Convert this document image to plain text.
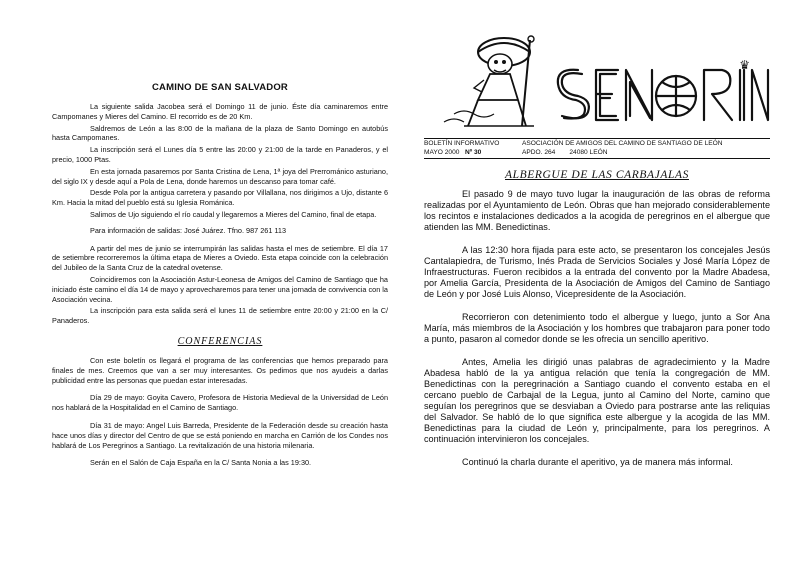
CAMINO DE SAN SALVADOR

La siguiente salida Jacobea será el Domingo 11 de junio. Éste día caminaremos entre Campomanes y Mieres del Camino. El recorrido es de 20 Km.

Saldremos de León a las 8:00 de la mañana de la plaza de Santo Domingo en autobús hasta Campomanes.

La inscripción será el Lunes día 5 entre las 20:00 y 21:00 de la tarde en Panaderos, y el precio, 1000 Ptas.

En esta jornada pasaremos por Santa Cristina de Lena, 1ª joya del Prerrománico asturiano, del siglo IX y desde aquí a Pola de Lena, donde haremos un descanso para tomar café.

Desde Pola por la antigua carretera y pasando por Villallana, nos dirigimos a Ujo, distante 6 Km. Hacia la mitad del pueblo está su Iglesia Románica.

Salimos de Ujo siguiendo el río caudal y llegaremos a Mieres del Camino, final de etapa.

Para información de salidas: José Juárez. Tfno. 987 261 113

A partir del mes de junio se interrumpirán las salidas hasta el mes de setiembre. El día 17 de setiembre recorreremos la última etapa de Mieres a Oviedo. Esta etapa coincide con la celebración del Jubileo de la Santa Cruz de la catedral ovetense.

Coincidiremos con la Asociación Astur-Leonesa de Amigos del Camino de Santiago que ha iniciado éste camino el día 14 de mayo y aprovecharemos para tener una jornada de convivencia con la Asociación vecina.

La inscripción para esta salida será el lunes 11 de setiembre entre 20:00 y 21:00 en la C/ Panaderos.

CONFERENCIAS

Con este boletín os llegará el programa de las conferencias que hemos preparado para finales de mes. Creemos que van a ser muy interesantes. Os pedimos que nos ayudeis a darlas publicidad entre las personas que puedan estar interesadas.

Día 29 de mayo: Goyita Cavero, Profesora de Historia Medieval de la Universidad de León nos hablará de la Hospitalidad en el Camino de Santiago.

Día 31 de mayo: Angel Luis Barreda, Presidente de la Federación desde su creación hasta hace unos días y director del Centro de que se está poniendo en marcha en Carrión de los Condes nos hablará de Los Peregrinos a Santiago. La revitalización de una historia milenaria.

Serán en el Salón de Caja España en la C/ Santa Nonia a las 19:30.

♛
BOLETÍN INFORMATIVO	ASOCIACIÓN DE AMIGOS DEL CAMINO DE SANTIAGO DE LEÓN
MAYO 2000 Nº 30	APDO. 264 24080 LEÓN
ALBERGUE DE LAS CARBAJALAS

El pasado 9 de mayo tuvo lugar la inauguración de las obras de reforma realizadas por el Ayuntamiento de León. Obras que han mejorado considerablemente los recintos e instalaciones dedicados a la acogida de peregrinos en el albergue que atienden las MM. Benedictinas.

A las 12:30 hora fijada para este acto, se presentaron los concejales Jesús Cantalapiedra, de Turismo, Inés Prada de Servicios Sociales y José María López de Infraestructuras. Fueron recibidos a la entrada del convento por la Madre Abadesa, por Amelia García, Presidenta de la Asociación de Amigos del Camino de Santiago de León y por José Luis Alonso, Vicepresidente de la Asociación.

Recorrieron con detenimiento todo el albergue y luego, junto a Sor Ana María, más miembros de la Asociación y los hombres que trabajaron para poner todo a punto, pasaron al comedor donde se les ofrecia un sencillo aperitivo.

Antes, Amelia les dirigió unas palabras de agradecimiento y la Madre Abadesa habló de la ya antigua relación que tenía la congregación de MM. Benedictinas con la peregrinación a Santiago cuando el convento estaba en el cercano pueblo de Carbajal de la Legua, junto al Camino del Norte, camino que seguían los peregrinos que se desviaban a Oviedo para postrarse ante las reliquias del Salvador. Se habló de lo que significa este albergue y la acogida de las MM. Benedictinas para la ciudad de León y, principalmente, para los peregrinos. A continuación intervinieron los concejales.

Continuó la charla durante el aperitivo, ya de manera más informal.
